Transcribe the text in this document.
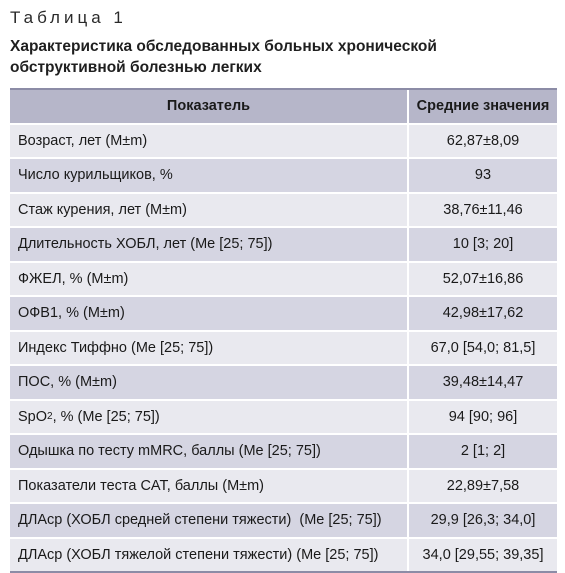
Таблица 1
Характеристика обследованных больных хронической
обструктивной болезнью легких
Показатель	Средние значения
Возраст, лет (M±m)	62,87±8,09
Число курильщиков, %	93
Стаж курения, лет (M±m)	38,76±11,46
Длительность ХОБЛ, лет (Me [25; 75])	10 [3; 20]
ФЖЕЛ, % (M±m)	52,07±16,86
ОФВ1, % (M±m)	42,98±17,62
Индекс Тиффно (Me [25; 75])	67,0 [54,0; 81,5]
ПОС, % (M±m)	39,48±14,47
SpO 2 , % (Me [25; 75])	94 [90; 96]
Одышка по тесту mMRC, баллы (Me [25; 75])	2 [1; 2]
Показатели теста CAT, баллы (M±m)	22,89±7,58
ДЛАср (ХОБЛ средней степени тяжести)  (Me [25; 75])	29,9 [26,3; 34,0]
ДЛАср (ХОБЛ тяжелой степени тяжести) (Me [25; 75])	34,0 [29,55; 39,35]
